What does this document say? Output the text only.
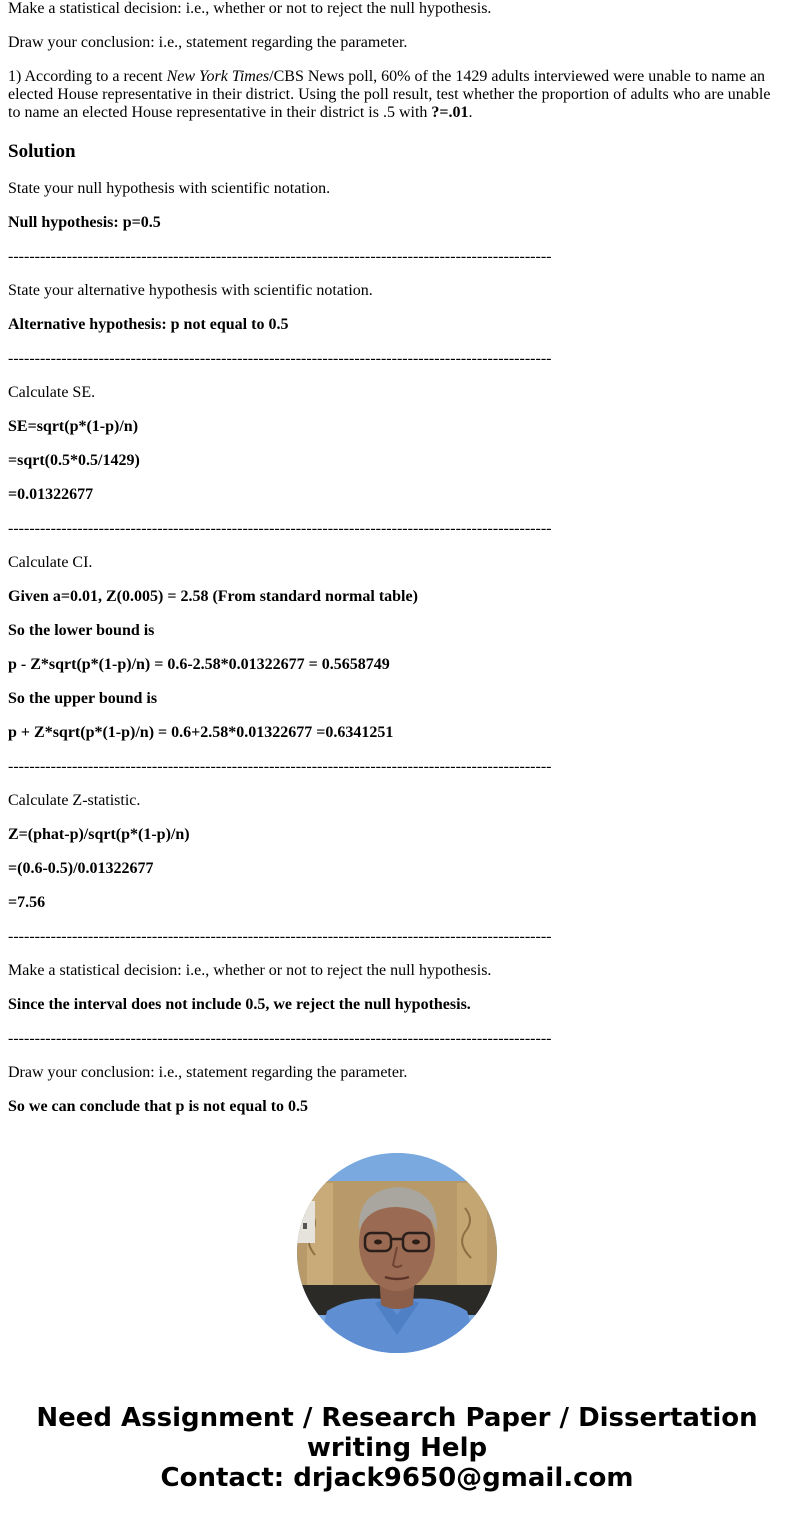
Make a statistical decision: i.e., whether or not to reject the null hypothesis.

Draw your conclusion: i.e., statement regarding the parameter.

1) According to a recent New York Times/CBS News poll, 60% of the 1429 adults interviewed were unable to name an elected House representative in their district. Using the poll result, test whether the proportion of adults who are unable to name an elected House representative in their district is .5 with ?=.01.

Solution

State your null hypothesis with scientific notation.

Null hypothesis: p=0.5

------------------------------------------------------------------------------------------------------

State your alternative hypothesis with scientific notation.

Alternative hypothesis: p not equal to 0.5

------------------------------------------------------------------------------------------------------

Calculate SE.

SE=sqrt(p*(1-p)/n)

=sqrt(0.5*0.5/1429)

=0.01322677

------------------------------------------------------------------------------------------------------

Calculate CI.

Given a=0.01, Z(0.005) = 2.58 (From standard normal table)

So the lower bound is

p - Z*sqrt(p*(1-p)/n) = 0.6-2.58*0.01322677 = 0.5658749

So the upper bound is

p + Z*sqrt(p*(1-p)/n) = 0.6+2.58*0.01322677 =0.6341251

------------------------------------------------------------------------------------------------------

Calculate Z-statistic.

Z=(phat-p)/sqrt(p*(1-p)/n)

=(0.6-0.5)/0.01322677

=7.56

------------------------------------------------------------------------------------------------------

Make a statistical decision: i.e., whether or not to reject the null hypothesis.

Since the interval does not include 0.5, we reject the null hypothesis.

------------------------------------------------------------------------------------------------------

Draw your conclusion: i.e., statement regarding the parameter.

So we can conclude that p is not equal to 0.5

Need Assignment / Research Paper / Dissertation
writing Help
Contact: drjack9650@gmail.com
